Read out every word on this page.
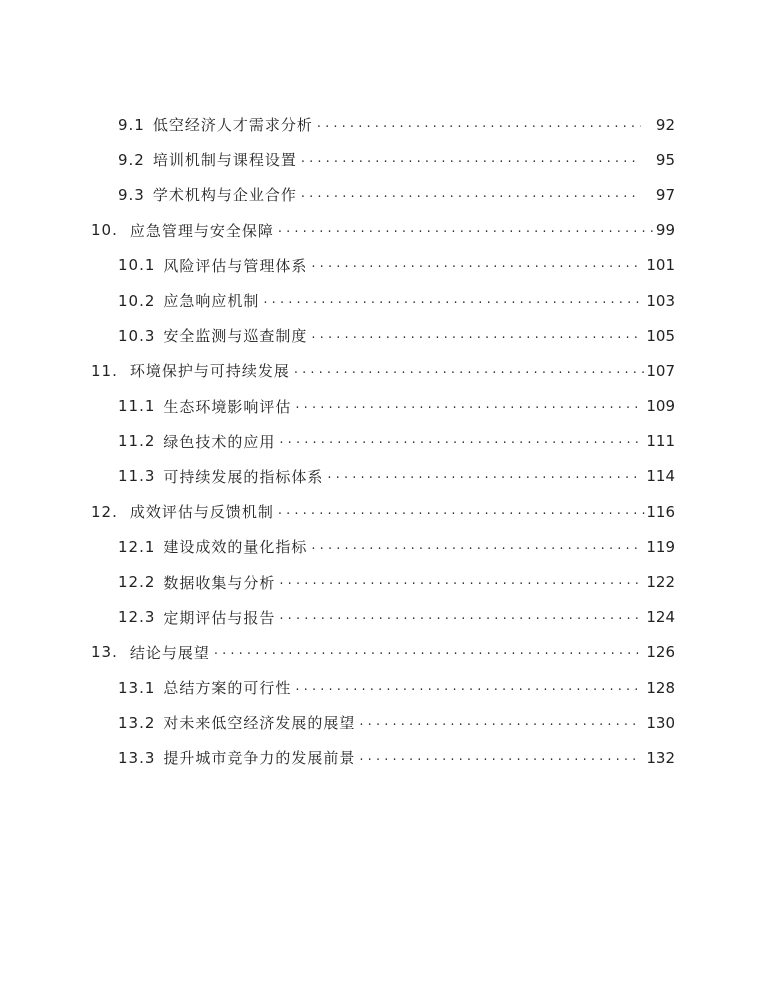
9.1 低空经济人才需求分析 . . .	92
9.2 培训机制与课程设置 . . .	95
9.3 学术机构与企业合作 . . .	97
10. 应急管理与安全保障 . . .	99
10.1 风险评估与管理体系 . . .	101
10.2 应急响应机制 . . .	103
10.3 安全监测与巡查制度 . . .	105
11. 环境保护与可持续发展 . . .	107
11.1 生态环境影响评估 . . .	109
11.2 绿色技术的应用 . . .	111
11.3 可持续发展的指标体系 . . .	114
12. 成效评估与反馈机制 . . .	116
12.1 建设成效的量化指标 . . .	119
12.2 数据收集与分析 . . .	122
12.3 定期评估与报告 . . .	124
13. 结论与展望 . . .	126
13.1 总结方案的可行性 . . .	128
13.2 对未来低空经济发展的展望 . . .	130
13.3 提升城市竞争力的发展前景 . . .	132
